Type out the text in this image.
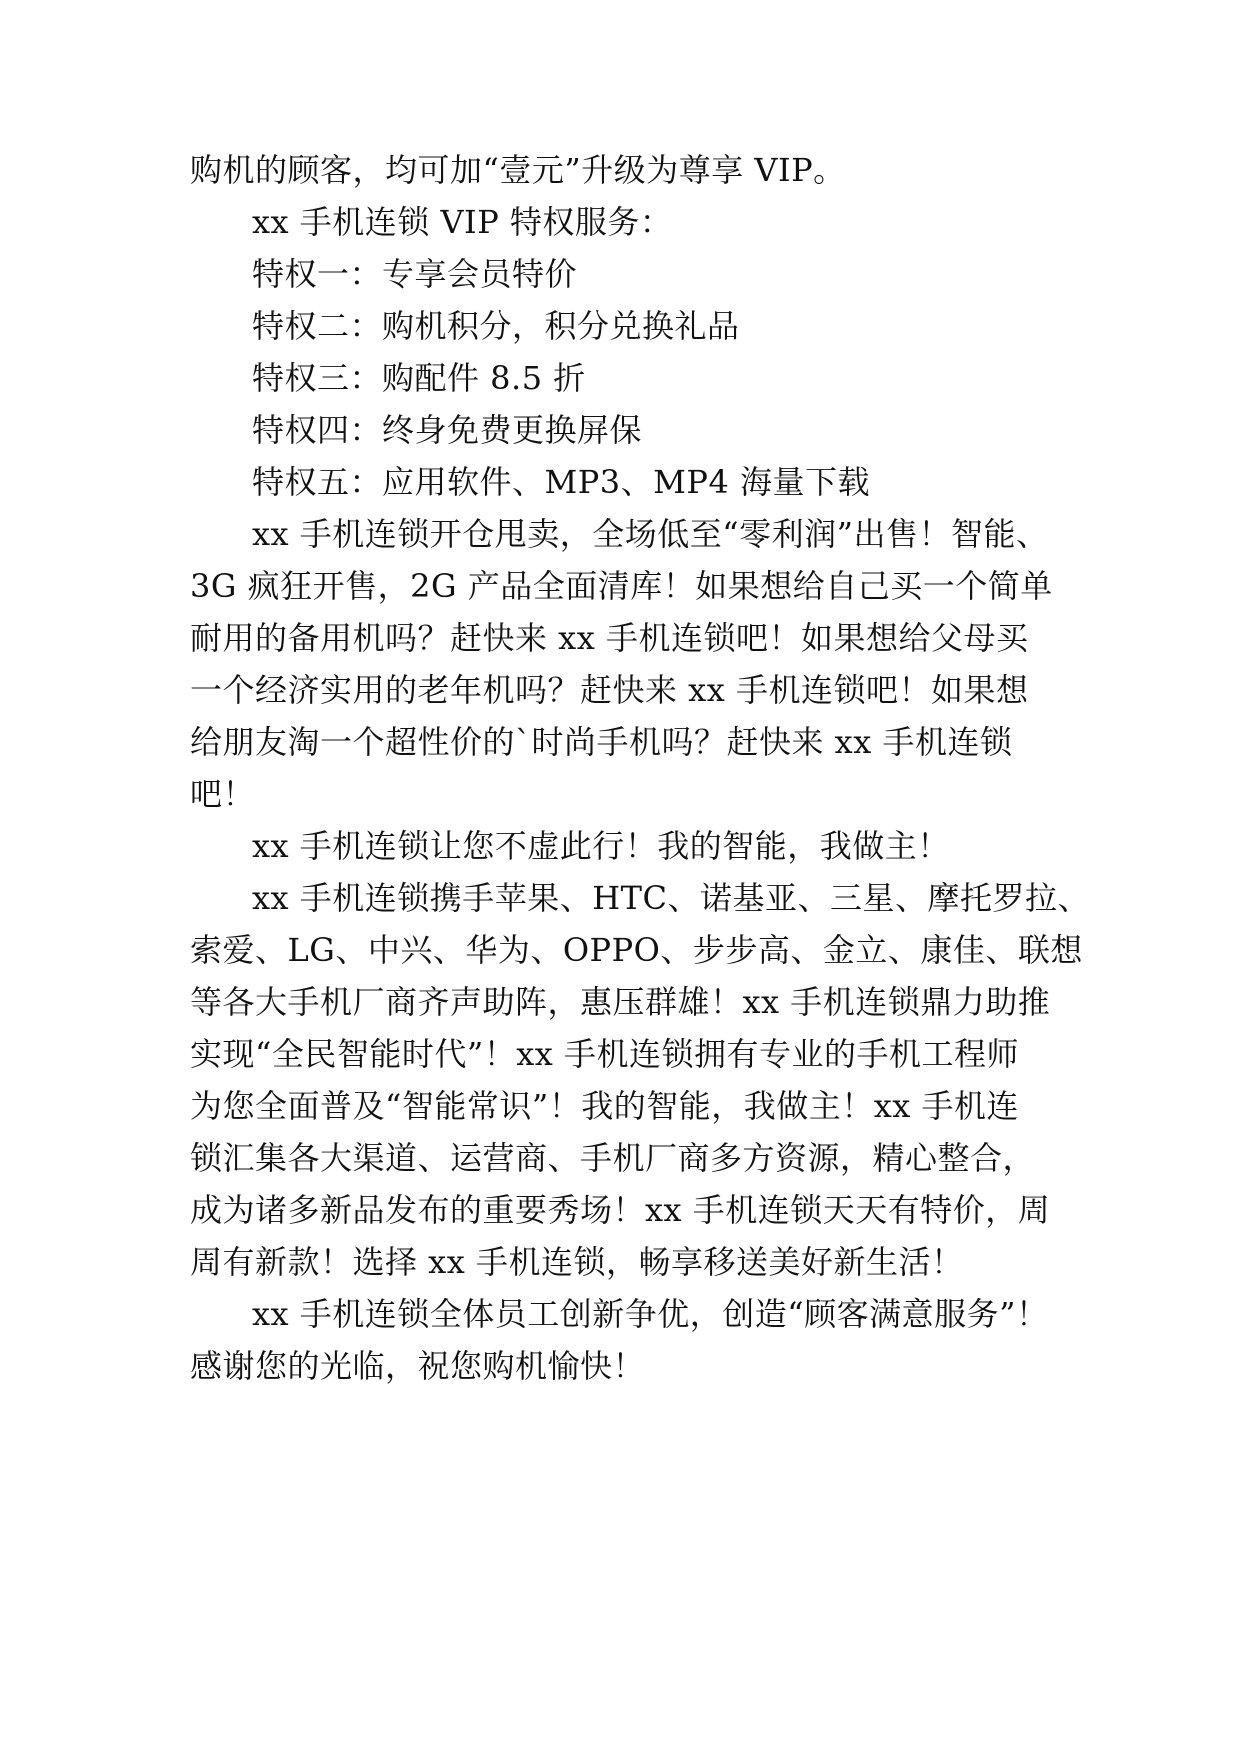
购机的顾客，均可加“壹元”升级为尊享 VIP。
xx 手机连锁 VIP 特权服务：
特权一：专享会员特价
特权二：购机积分，积分兑换礼品
特权三：购配件 8.5 折
特权四：终身免费更换屏保
特权五：应用软件、MP3、MP4 海量下载
xx 手机连锁开仓甩卖，全场低至“零利润”出售！智能、
3G 疯狂开售，2G 产品全面清库！如果想给自己买一个简单
耐用的备用机吗？赶快来 xx 手机连锁吧！如果想给父母买
一个经济实用的老年机吗？赶快来 xx 手机连锁吧！如果想
给朋友淘一个超性价的`时尚手机吗？赶快来 xx 手机连锁
吧！
xx 手机连锁让您不虚此行！我的智能，我做主！
xx 手机连锁携手苹果、HTC、诺基亚、三星、摩托罗拉、
索爱、LG、中兴、华为、OPPO、步步高、金立、康佳、联想
等各大手机厂商齐声助阵，惠压群雄！xx 手机连锁鼎力助推
实现“全民智能时代”！xx 手机连锁拥有专业的手机工程师
为您全面普及“智能常识”！我的智能，我做主！xx 手机连
锁汇集各大渠道、运营商、手机厂商多方资源，精心整合，
成为诸多新品发布的重要秀场！xx 手机连锁天天有特价，周
周有新款！选择 xx 手机连锁，畅享移送美好新生活！
xx 手机连锁全体员工创新争优，创造“顾客满意服务”！
感谢您的光临，祝您购机愉快！
